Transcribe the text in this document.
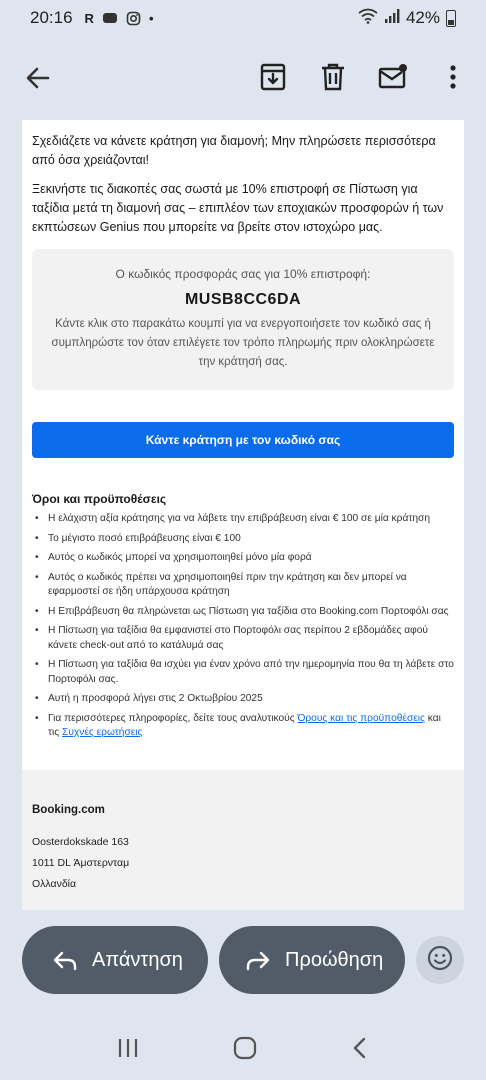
20:16 R	•	42%

Σχεδιάζετε να κάνετε κράτηση για διαμονή; Μην πληρώσετε περισσότερα από όσα χρειάζονται!

Ξεκινήστε τις διακοπές σας σωστά με 10% επιστροφή σε Πίστωση για ταξίδια μετά τη διαμονή σας – επιπλέον των εποχιακών προσφορών ή των εκπτώσεων Genius που μπορείτε να βρείτε στον ιστοχώρο μας.

Ο κωδικός προσφοράς σας για 10% επιστροφή:
MUSB8CC6DA
Κάντε κλικ στο παρακάτω κουμπί για να ενεργοποιήσετε τον κωδικό σας ή συμπληρώστε τον όταν επιλέγετε τον τρόπο πληρωμής πριν ολοκληρώσετε την κράτησή σας.
Κάντε κράτηση με τον κωδικό σας
Όροι και προϋποθέσεις
• Η ελάχιστη αξία κράτησης για να λάβετε την επιβράβευση είναι € 100 σε μία κράτηση
• Το μέγιστο ποσό επιβράβευσης είναι € 100
• Αυτός ο κωδικός μπορεί να χρησιμοποιηθεί μόνο μία φορά
• Αυτός ο κωδικός πρέπει να χρησιμοποιηθεί πριν την κράτηση και δεν μπορεί να εφαρμοστεί σε ήδη υπάρχουσα κράτηση
• Η Επιβράβευση θα πληρώνεται ως Πίστωση για ταξίδια στο Booking.com Πορτοφόλι σας
• Η Πίστωση για ταξίδια θα εμφανιστεί στο Πορτοφόλι σας περίπου 2 εβδομάδες αφού κάνετε check-out από το κατάλυμά σας
• Η Πίστωση για ταξίδια θα ισχύει για έναν χρόνο από την ημερομηνία που θα τη λάβετε στο Πορτοφόλι σας.
• Αυτή η προσφορά λήγει στις 2 Οκτωβρίου 2025
• Για περισσότερες πληροφορίες, δείτε τους αναλυτικούς Όρους και τις προϋποθέσεις και τις Συχνές ερωτήσεις
Booking.com
Oosterdokskade 163
1011 DL Άμστερνταμ
Ολλανδία
Απάντηση	Προώθηση
